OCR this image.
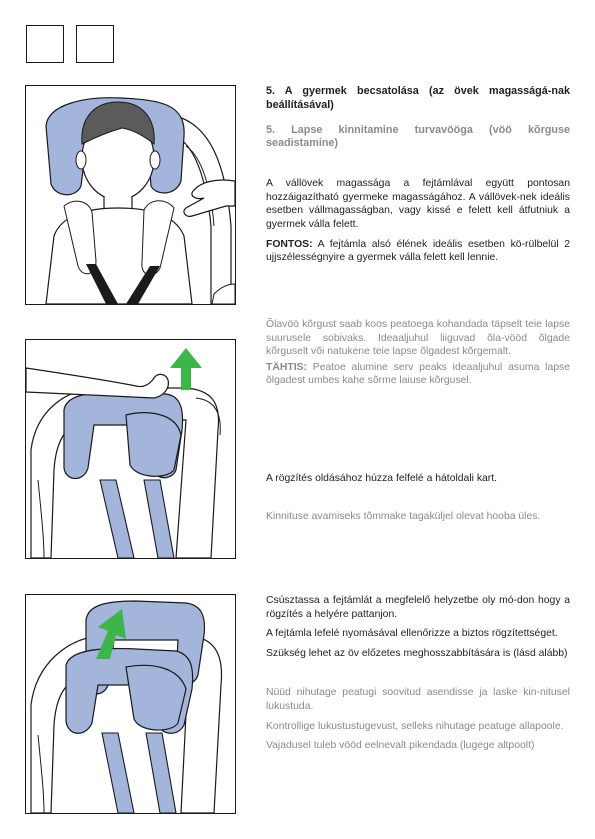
5. A gyermek becsatolása (az övek magasságá-nak beállításával)

5. Lapse kinnitamine turvavööga (vöö kõrguse seadistamine)

A vállövek magassága a fejtámlával együtt pontosan hozzáigazítható gyermeke magasságához. A vállövek-nek ideális esetben vállmagasságban, vagy kissé e felett kell átfutniuk a gyermek válla felett.

FONTOS: A fejtámla alsó élének ideális esetben kö-rülbelül 2 ujjszélességnyire a gyermek válla felett kell lennie.

Õlavöö kõrgust saab koos peatoega kohandada täpselt teie lapse suurusele sobivaks. Ideaaljuhul liiguvad õla-vööd õlgade kõrguselt või natukene teie lapse õlgadest kõrgemalt.

TÄHTIS: Peatoe alumine serv peaks ideaaljuhul asuma lapse õlgadest umbes kahe sõrme laiuse kõrgusel.

A rögzítés oldásához húzza felfelé a hátoldali kart.

Kinnituse avamiseks tõmmake tagaküljel olevat hooba üles.

Csúsztassa a fejtámlát a megfelelő helyzetbe oly mó-don hogy a rögzítés a helyére pattanjon.

A fejtámla lefelé nyomásával ellenőrizze a biztos rögzítettséget.

Szükség lehet az öv előzetes meghosszabbítására is (lásd alább)

Nüüd nihutage peatugi soovitud asendisse ja laske kin-nitusel lukustuda.

Kontrollige lukustustugevust, selleks nihutage peatuge allapoole.

Vajadusel tuleb vööd eelnevalt pikendada (lugege altpoolt)
